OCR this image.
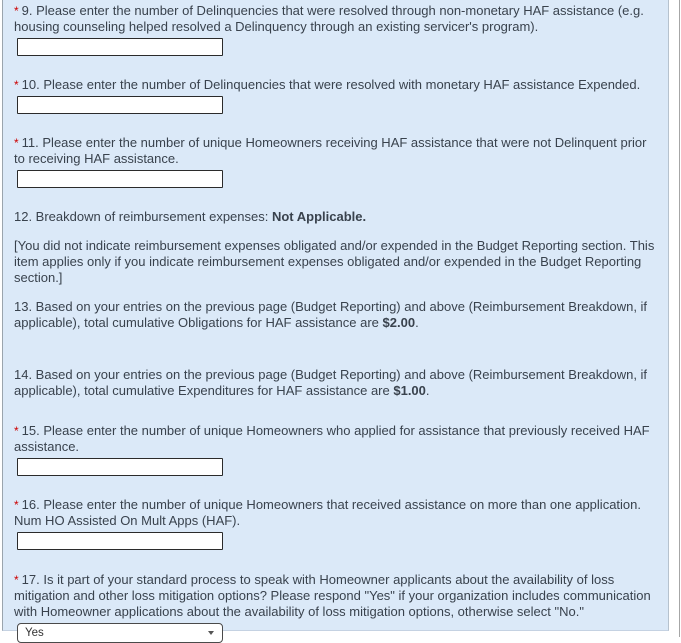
* 9. Please enter the number of Delinquencies that were resolved through non-monetary HAF assistance (e.g. housing counseling helped resolved a Delinquency through an existing servicer's program).

* 10. Please enter the number of Delinquencies that were resolved with monetary HAF assistance Expended.

* 11. Please enter the number of unique Homeowners receiving HAF assistance that were not Delinquent prior to receiving HAF assistance.

12. Breakdown of reimbursement expenses: Not Applicable.

[You did not indicate reimbursement expenses obligated and/or expended in the Budget Reporting section. This item applies only if you indicate reimbursement expenses obligated and/or expended in the Budget Reporting section.]

13. Based on your entries on the previous page (Budget Reporting) and above (Reimbursement Breakdown, if applicable), total cumulative Obligations for HAF assistance are $2.00.

14. Based on your entries on the previous page (Budget Reporting) and above (Reimbursement Breakdown, if applicable), total cumulative Expenditures for HAF assistance are $1.00.

* 15. Please enter the number of unique Homeowners who applied for assistance that previously received HAF assistance.

* 16. Please enter the number of unique Homeowners that received assistance on more than one application. Num HO Assisted On Mult Apps (HAF).

* 17. Is it part of your standard process to speak with Homeowner applicants about the availability of loss mitigation and other loss mitigation options? Please respond "Yes" if your organization includes communication with Homeowner applications about the availability of loss mitigation options, otherwise select "No."

Yes
